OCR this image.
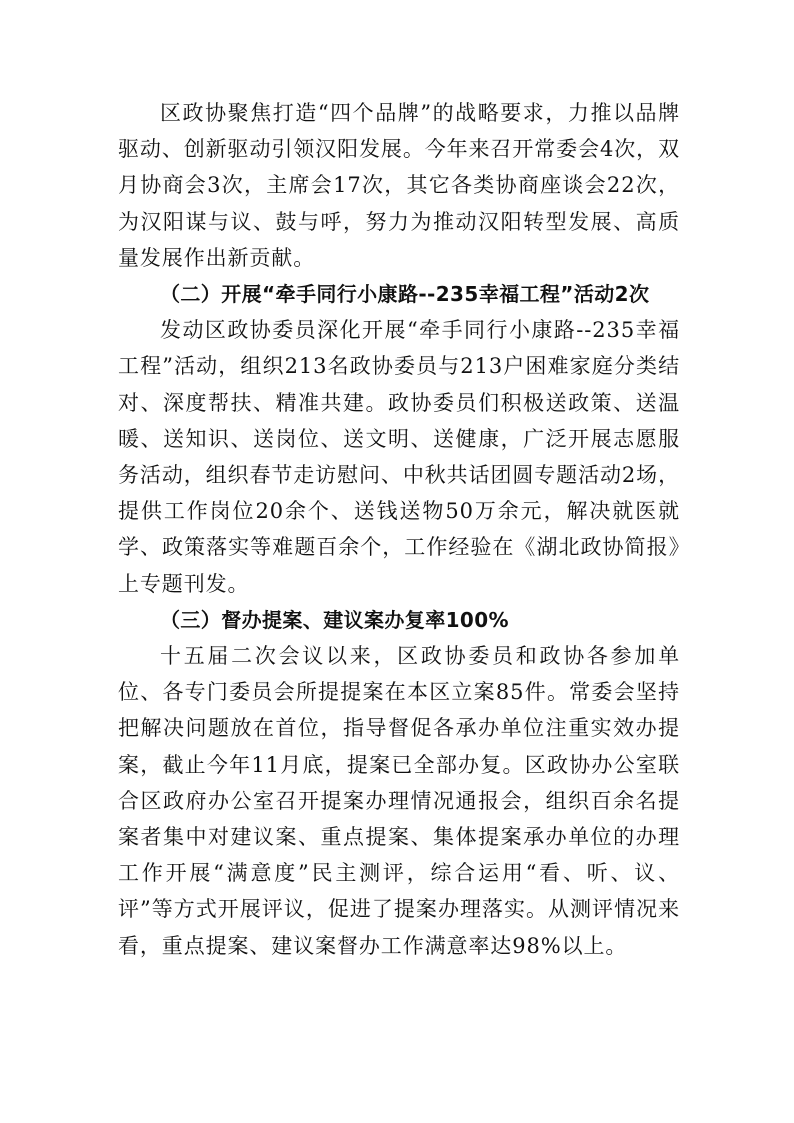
区政协聚焦打造“四个品牌”的战略要求，力推以品牌驱动、创新驱动引领汉阳发展。今年来召开常委会4次，双月协商会3次，主席会17次，其它各类协商座谈会22次，为汉阳谋与议、鼓与呼，努力为推动汉阳转型发展、高质量发展作出新贡献。

（二）开展“牵手同行小康路--235幸福工程”活动2次

发动区政协委员深化开展“牵手同行小康路--235幸福工程”活动，组织213名政协委员与213户困难家庭分类结对、深度帮扶、精准共建。政协委员们积极送政策、送温暖、送知识、送岗位、送文明、送健康，广泛开展志愿服务活动，组织春节走访慰问、中秋共话团圆专题活动2场，提供工作岗位20余个、送钱送物50万余元，解决就医就学、政策落实等难题百余个，工作经验在《湖北政协简报》上专题刊发。

（三）督办提案、建议案办复率100%

十五届二次会议以来，区政协委员和政协各参加单位、各专门委员会所提提案在本区立案85件。常委会坚持把解决问题放在首位，指导督促各承办单位注重实效办提案，截止今年11月底，提案已全部办复。区政协办公室联合区政府办公室召开提案办理情况通报会，组织百余名提案者集中对建议案、重点提案、集体提案承办单位的办理工作开展“满意度”民主测评，综合运用“看、听、议、评”等方式开展评议，促进了提案办理落实。从测评情况来看，重点提案、建议案督办工作满意率达98%以上。
